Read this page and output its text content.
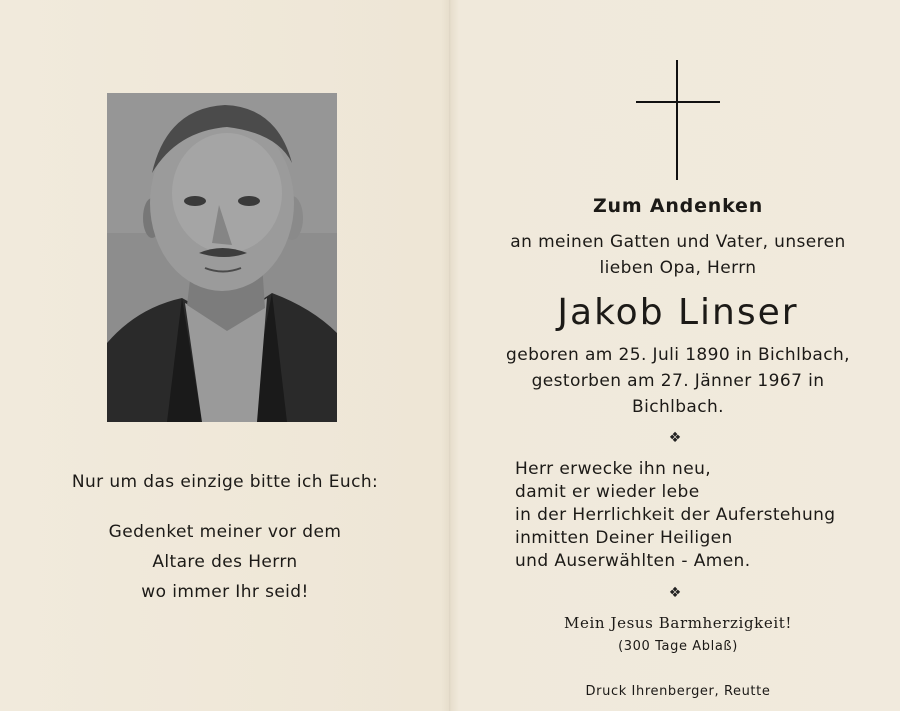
Nur um das einzige bitte ich Euch:
Gedenket meiner vor dem
Altare des Herrn
wo immer Ihr seid!
Zum Andenken
an meinen Gatten und Vater, unseren
lieben Opa, Herrn
Jakob Linser
geboren am 25. Juli 1890 in Bichlbach,
gestorben am 27. Jänner 1967 in
Bichlbach.
❖
Herr erwecke ihn neu,
damit er wieder lebe
in der Herrlichkeit der Auferstehung
inmitten Deiner Heiligen
und Auserwählten - Amen.
❖
Mein Jesus Barmherzigkeit!
(300 Tage Ablaß)
Druck Ihrenberger, Reutte
